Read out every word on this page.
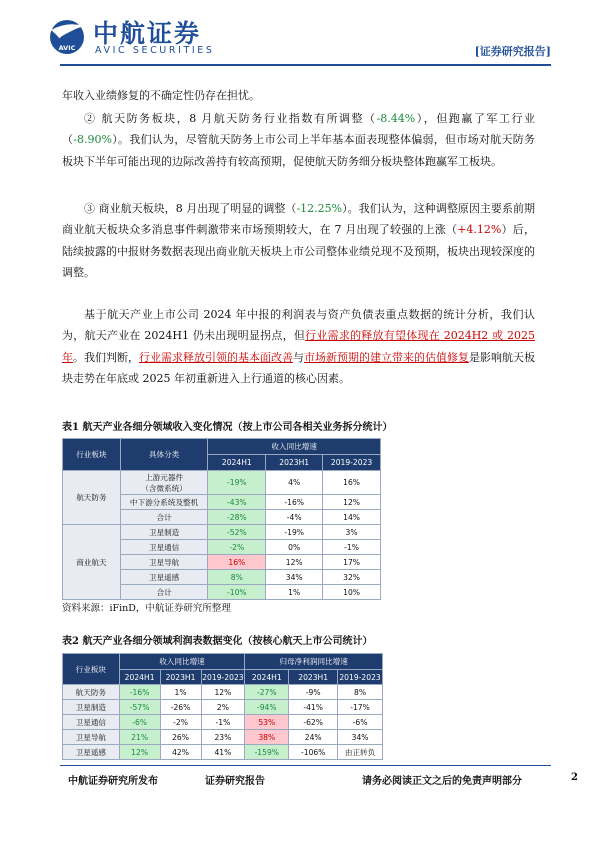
AVIC 中航证券
AVIC SECURITIES	[证券研究报告]

年收入业绩修复的不确定性仍存在担忧。

② 航天防务板块，8 月航天防务行业指数有所调整（-8.44%），但跑赢了军工行业（-8.90%）。我们认为，尽管航天防务上市公司上半年基本面表现整体偏弱，但市场对航天防务板块下半年可能出现的边际改善持有较高预期，促使航天防务细分板块整体跑赢军工板块。

③ 商业航天板块，8 月出现了明显的调整（-12.25%）。我们认为，这种调整原因主要系前期商业航天板块众多消息事件刺激带来市场预期较大，在 7 月出现了较强的上涨（+4.12%）后，陆续披露的中报财务数据表现出商业航天板块上市公司整体业绩兑现不及预期，板块出现较深度的调整。

基于航天产业上市公司 2024 年中报的利润表与资产负债表重点数据的统计分析，我们认为，航天产业在 2024H1 仍未出现明显拐点，但行业需求的释放有望体现在 2024H2 或 2025 年。我们判断，行业需求释放引领的基本面改善与市场新预期的建立带来的估值修复是影响航天板块走势在年底或 2025 年初重新进入上行通道的核心因素。

表1 航天产业各细分领域收入变化情况（按上市公司各相关业务拆分统计）
行业板块	具体分类	收入同比增速		
		2024H1	2023H1	2019-2023
航天防务	上游元器件
（含微系统）	-19%	4%	16%
	中下游分系统及整机	-43%	-16%	12%
	合计	-28%	-4%	14%
商业航天	卫星制造	-52%	-19%	3%
	卫星通信	-2%	0%	-1%
	卫星导航	16%	12%	17%
	卫星遥感	8%	34%	32%
	合计	-10%	1%	10%
资料来源：iFinD，中航证券研究所整理
表2 航天产业各细分领域利润表数据变化（按核心航天上市公司统计）
行业板块	收入同比增速			归母净利润同比增速		
	2024H1	2023H1	2019-2023	2024H1	2023H1	2019-2023
航天防务	-16%	1%	12%	-27%	-9%	8%
卫星制造	-57%	-26%	2%	-94%	-41%	-17%
卫星通信	-6%	-2%	-1%	53%	-62%	-6%
卫星导航	21%	26%	23%	38%	24%	34%
卫星遥感	12%	42%	41%	-159%	-106%	由正转负
中航证券研究所发布	证券研究报告	请务必阅读正文之后的免责声明部分	2
